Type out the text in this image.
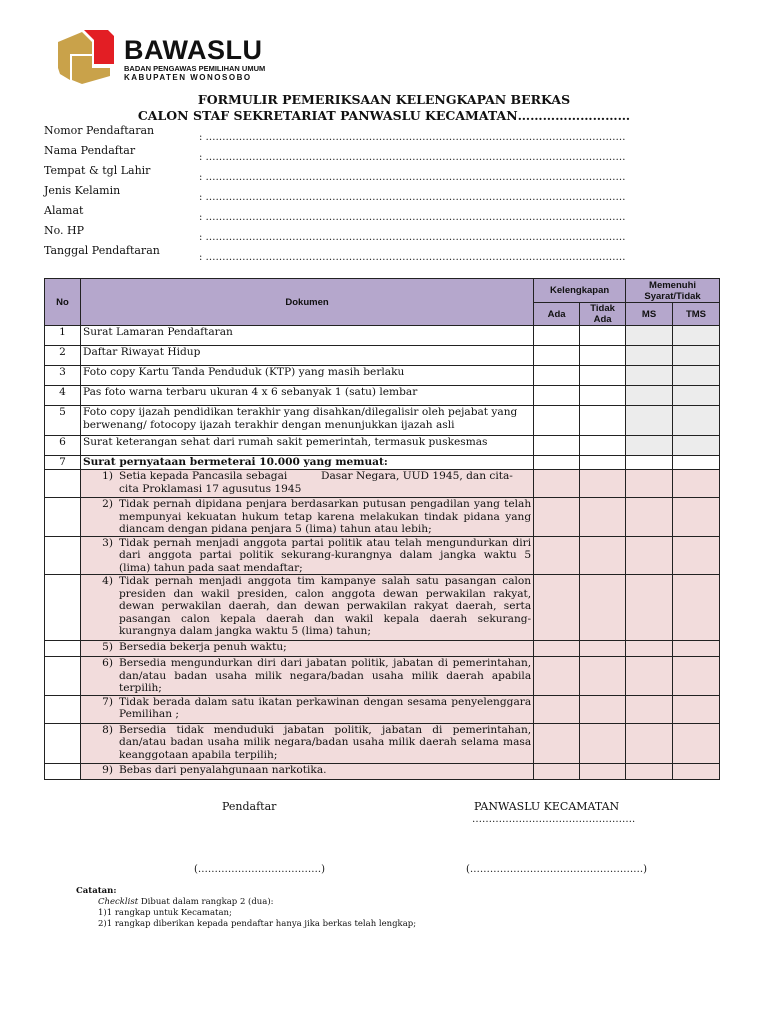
BAWASLU
BADAN PENGAWAS PEMILIHAN UMUM
KABUPATEN WONOSOBO
FORMULIR PEMERIKSAAN KELENGKAPAN BERKAS
CALON STAF SEKRETARIAT PANWASLU KECAMATAN………………………
Nomor Pendaftaran
: ………………………………………………………………………………………………………………
Nama Pendaftar
: ………………………………………………………………………………………………………………
Tempat & tgl Lahir
: ………………………………………………………………………………………………………………
Jenis Kelamin
: ………………………………………………………………………………………………………………
Alamat
: ………………………………………………………………………………………………………………
No. HP
: ………………………………………………………………………………………………………………
Tanggal Pendaftaran
: ………………………………………………………………………………………………………………
No	Dokumen	Kelengkapan		Memenuhi Syarat/Tidak	
		Ada	Tidak Ada	MS	TMS
1	Surat Lamaran Pendaftaran				
2	Daftar Riwayat Hidup				
3	Foto copy Kartu Tanda Penduduk (KTP) yang masih berlaku				
4	Pas foto warna terbaru ukuran 4 x 6 sebanyak 1 (satu) lembar				
5	Foto copy ijazah pendidikan terakhir yang disahkan/dilegalisir oleh pejabat yang berwenang/ fotocopy ijazah terakhir dengan menunjukkan ijazah asli				
6	Surat keterangan sehat dari rumah sakit pemerintah, termasuk puskesmas				
7	Surat pernyataan bermeterai 10.000 yang memuat:				

	1) Setia kepada Pancasila sebagai          Dasar Negara, UUD 1945, dan cita-cita Proklamasi 17 agusutus 1945				

	2) Tidak pernah dipidana penjara berdasarkan putusan pengadilan yang telah mempunyai kekuatan hukum tetap karena melakukan tindak pidana yang diancam dengan pidana penjara 5 (lima) tahun atau lebih;				

	3) Tidak pernah menjadi anggota partai politik atau telah mengundurkan diri dari anggota partai politik sekurang-kurangnya dalam jangka waktu 5 (lima) tahun pada saat mendaftar;				

	4) Tidak pernah menjadi anggota tim kampanye salah satu pasangan calon presiden dan wakil presiden, calon anggota dewan perwakilan rakyat, dewan perwakilan daerah, dan dewan perwakilan rakyat daerah, serta pasangan calon kepala daerah dan wakil kepala daerah sekurang-kurangnya dalam jangka waktu 5 (lima) tahun;				

	5) Bersedia bekerja penuh waktu;				

	6) Bersedia mengundurkan diri dari jabatan politik, jabatan di pemerintahan, dan/atau badan usaha milik negara/badan usaha milik daerah apabila terpilih;				

	7) Tidak berada dalam satu ikatan perkawinan dengan sesama penyelenggara Pemilihan ;				

	8) Bersedia tidak menduduki jabatan politik, jabatan di pemerintahan, dan/atau badan usaha milik negara/badan usaha milik daerah selama masa keanggotaan apabila terpilih;				

	9) Bebas dari penyalahgunaan narkotika.				

Pendaftar	PANWASLU KECAMATAN
………………………………………….
(……………………………….)	(…………………………………………….)
Catatan:
Checklist Dibuat dalam rangkap 2 (dua):
1)1 rangkap untuk Kecamatan;
2)1 rangkap diberikan kepada pendaftar hanya jika berkas telah lengkap;
